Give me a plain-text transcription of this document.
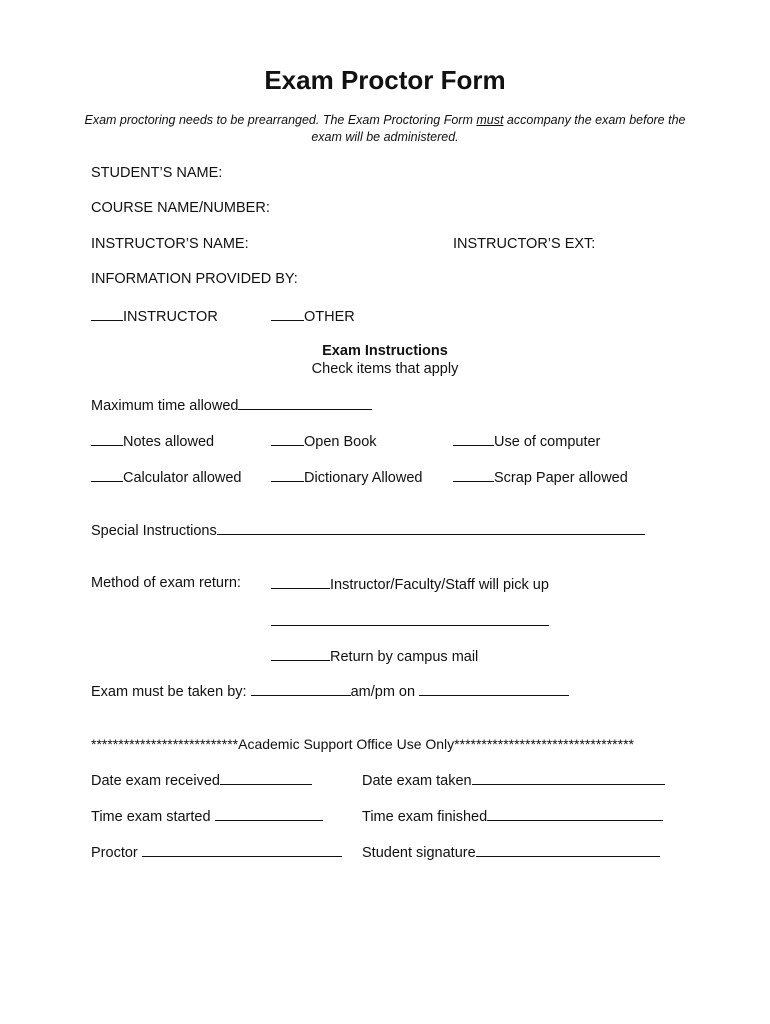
Exam Proctor Form
Exam proctoring needs to be prearranged. The Exam Proctoring Form must accompany the exam before the exam will be administered.
STUDENT’S NAME:
COURSE NAME/NUMBER:
INSTRUCTOR’S NAME:	INSTRUCTOR’S EXT:
INFORMATION PROVIDED BY:
INSTRUCTOR	OTHER
Exam Instructions
Check items that apply
Maximum time allowed
Notes allowed	Open Book	Use of computer
Calculator allowed	Dictionary Allowed	Scrap Paper allowed
Special Instructions
Method of exam return:	Instructor/Faculty/Staff will pick up
Return by campus mail
Exam must be taken by:	am/pm on
***************************Academic Support Office Use Only*********************************
Date exam received	Date exam taken
Time exam started	Time exam finished
Proctor	Student signature
